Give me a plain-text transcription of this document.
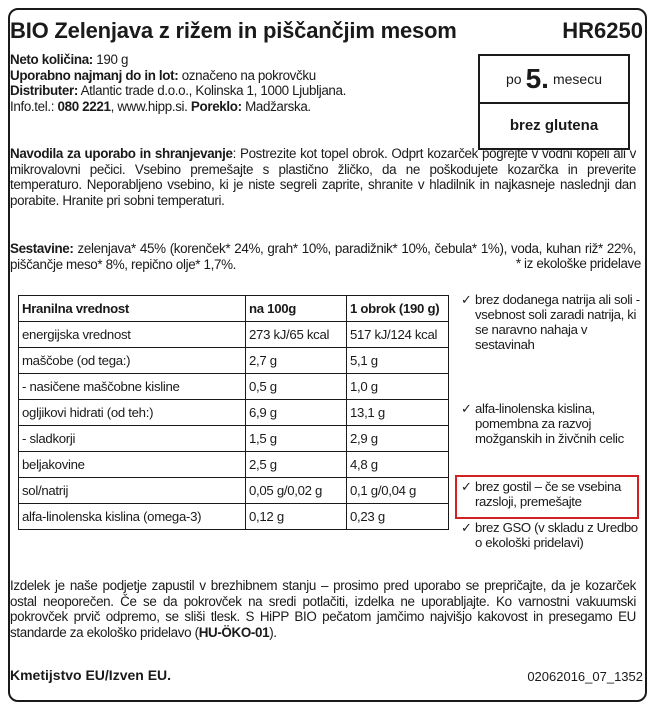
BIO Zelenjava z rižem in piščančjim mesom	HR6250
Neto količina: 190 g
Uporabno najmanj do in lot: označeno na pokrovčku
Distributer: Atlantic trade d.o.o., Kolinska 1, 1000 Ljubljana.
Info.tel.: 080 2221, www.hipp.si. Poreklo: Madžarska.
po 5. mesecu
brez glutena
Navodila za uporabo in shranjevanje: Postrezite kot topel obrok. Odprt kozarček pogrejte v vodni kopeli ali v mikrovalovni pečici. Vsebino premešajte s plastično žličko, da ne poškodujete kozarčka in preverite temperaturo. Neporabljeno vsebino, ki je niste segreli zaprite, shranite v hladilnik in najkasneje naslednji dan porabite. Hranite pri sobni temperaturi.
Sestavine: zelenjava* 45% (korenček* 24%, grah* 10%, paradižnik* 10%, čebula* 1%), voda, kuhan riž* 22%, piščančje meso* 8%, repično olje* 1,7%.	* iz ekološke pridelave
Hranilna vrednost	na 100g	1 obrok (190 g)
energijska vrednost	273 kJ/65 kcal	517 kJ/124 kcal
maščobe (od tega:)	2,7 g	5,1 g
- nasičene maščobne kisline	0,5 g	1,0 g
ogljikovi hidrati (od teh:)	6,9 g	13,1 g
- sladkorji	1,5 g	2,9 g
beljakovine	2,5 g	4,8 g
sol/natrij	0,05 g/0,02 g	0,1 g/0,04 g
alfa-linolenska kislina (omega-3)	0,12 g	0,23 g
✓ brez dodanega natrija ali soli - vsebnost soli zaradi natrija, ki se naravno nahaja v sestavinah
✓ alfa-linolenska kislina, pomembna za razvoj možganskih in živčnih celic
✓ brez gostil – če se vsebina razsloji, premešajte
✓ brez GSO (v skladu z Uredbo o ekološki pridelavi)
Izdelek je naše podjetje zapustil v brezhibnem stanju – prosimo pred uporabo se prepričajte, da je kozarček ostal neoporečen. Če se da pokrovček na sredi potlačiti, izdelka ne uporabljajte. Ko varnostni vakuumski pokrovček prvič odpremo, se sliši tlesk. S HiPP BIO pečatom jamčimo najvišjo kakovost in presegamo EU standarde za ekološko pridelavo (HU-ÖKO-01).
Kmetijstvo EU/Izven EU.	02062016_07_1352
